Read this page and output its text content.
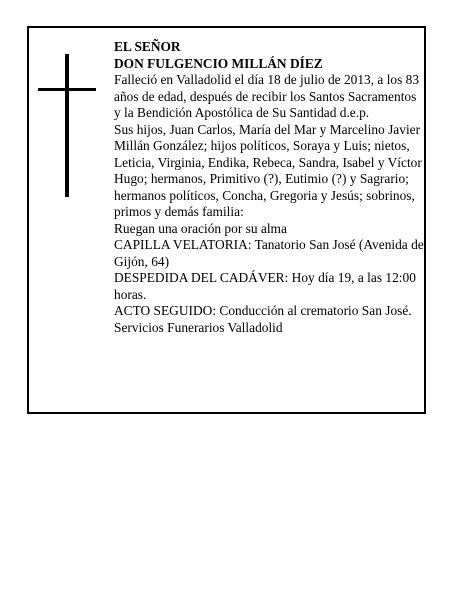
EL SEÑOR

DON FULGENCIO MILLÁN DÍEZ

Falleció en Valladolid el día 18 de julio de 2013, a los 83 años de edad, después de recibir los Santos Sacramentos y la Bendición Apostólica de Su Santidad d.e.p.

Sus hijos, Juan Carlos, María del Mar y Marcelino Javier Millán González; hijos políticos, Soraya y Luis; nietos, Leticia, Virginia, Endika, Rebeca, Sandra, Isabel y Víctor Hugo; hermanos, Primitivo (?), Eutimio (?) y Sagrario; hermanos políticos, Concha, Gregoria y Jesús; sobrinos, primos y demás familia:

Ruegan una oración por su alma

CAPILLA VELATORIA: Tanatorio San José (Avenida de Gijón, 64)

DESPEDIDA DEL CADÁVER: Hoy día 19, a las 12:00 horas.

ACTO SEGUIDO: Conducción al crematorio San José.

Servicios Funerarios Valladolid
